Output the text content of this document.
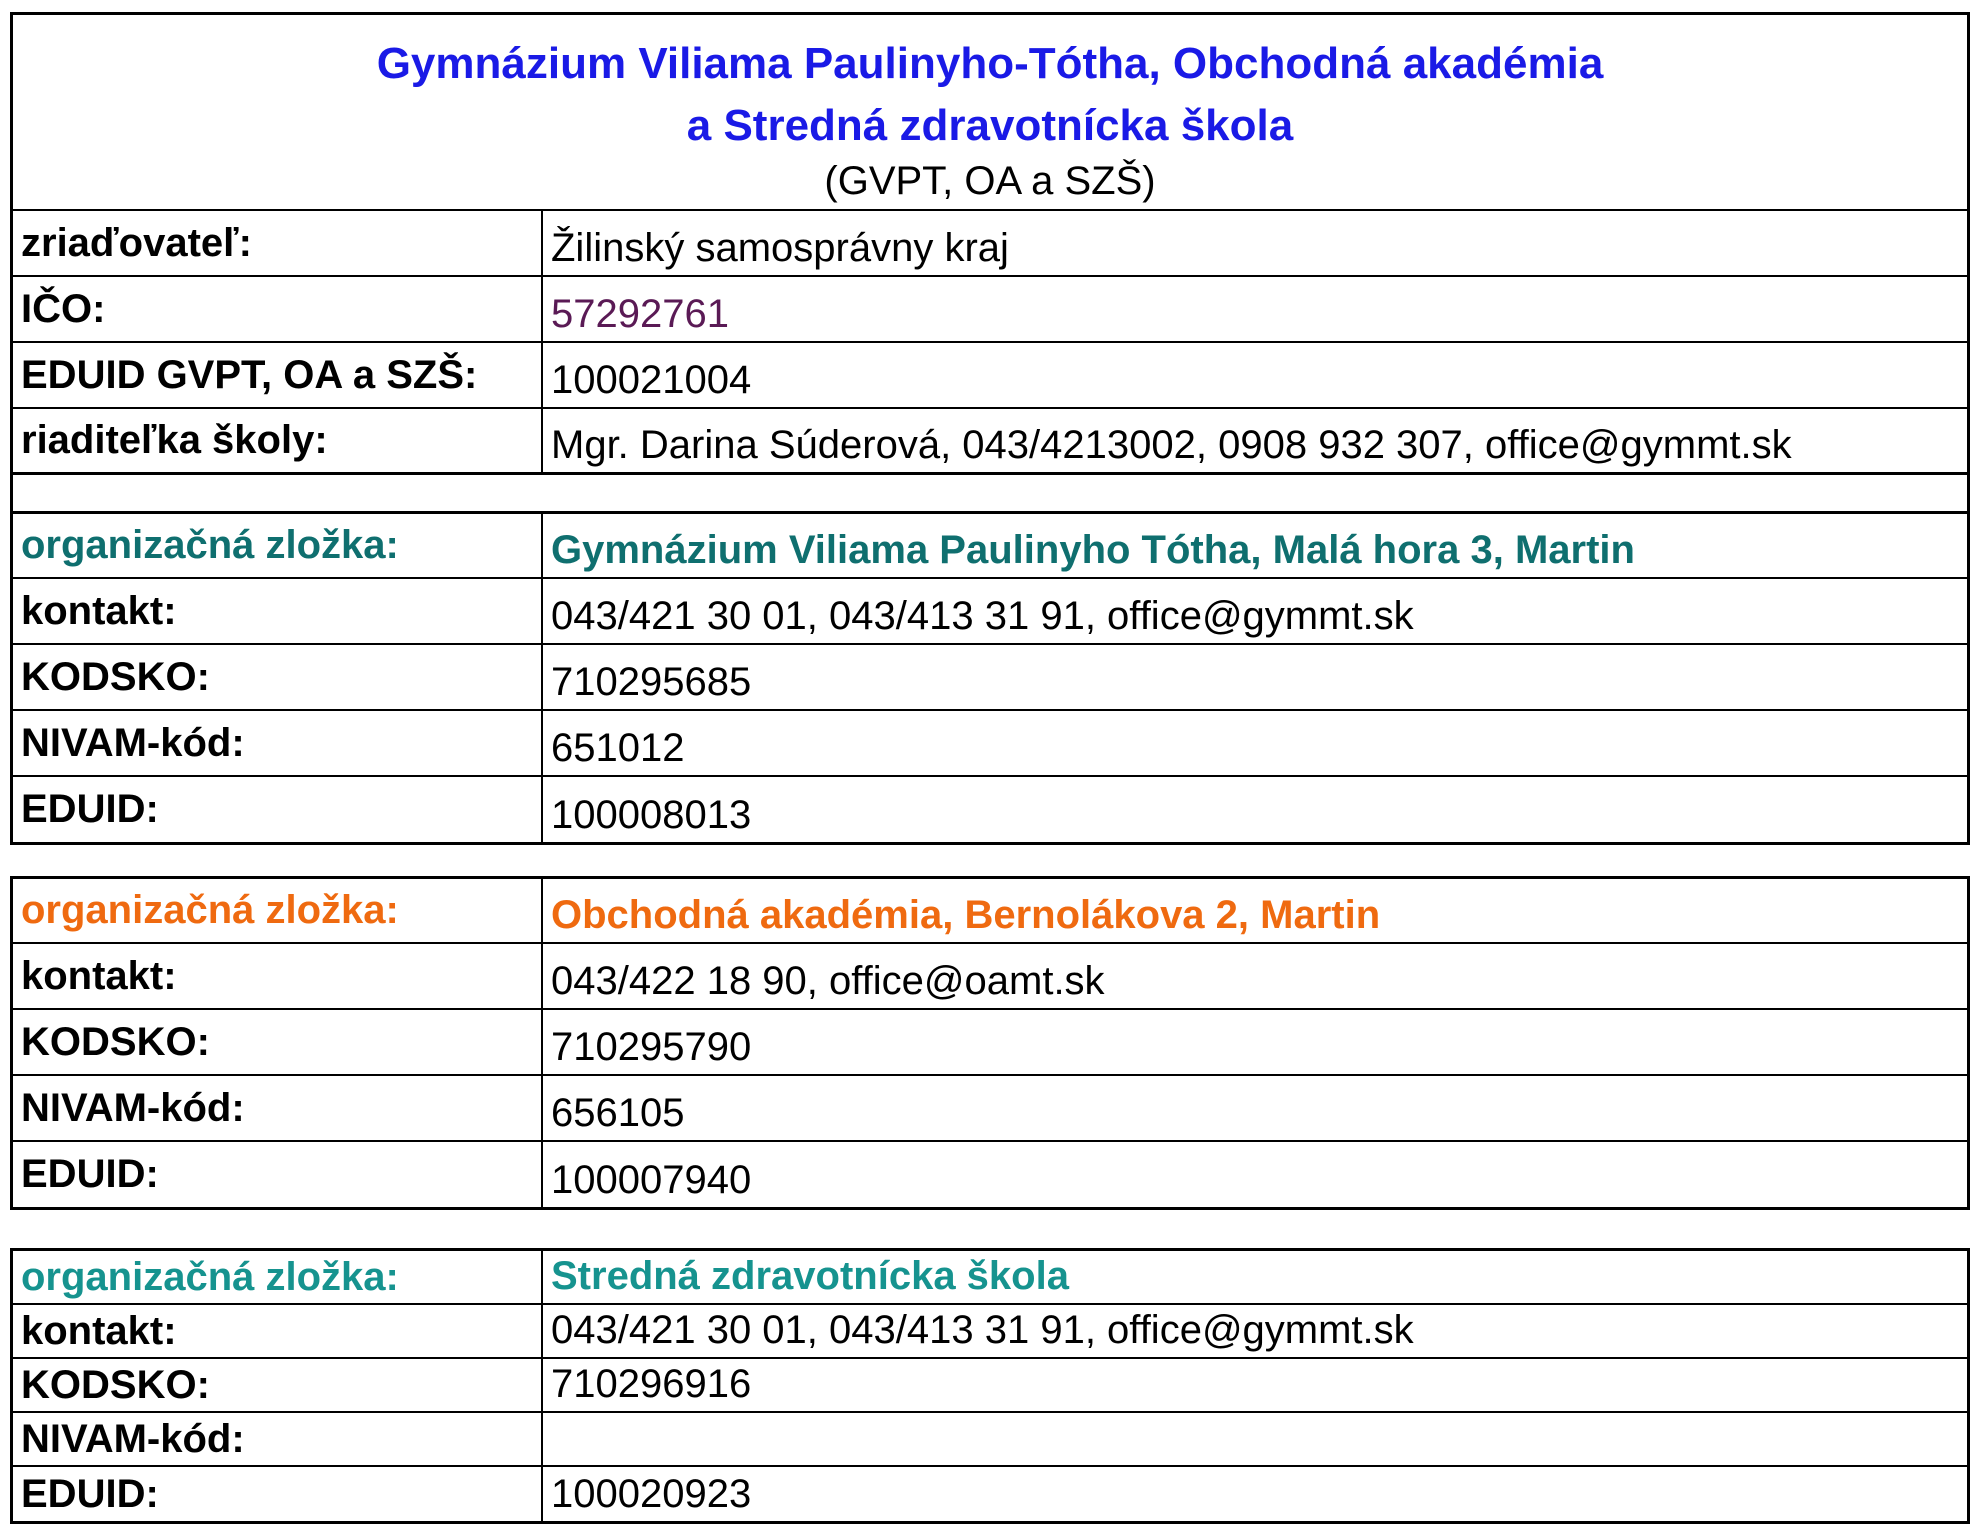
Gymnázium Viliama Paulinyho-Tótha, Obchodná akadémia
a Stredná zdravotnícka škola
(GVPT, OA a SZŠ)
zriaďovateľ:	Žilinský samosprávny kraj
IČO:	57292761
EDUID GVPT, OA a SZŠ:	100021004
riaditeľka školy:	Mgr. Darina Súderová, 043/4213002, 0908 932 307, office@gymmt.sk
organizačná zložka:	Gymnázium Viliama Paulinyho Tótha, Malá hora 3, Martin
kontakt:	043/421 30 01, 043/413 31 91, office@gymmt.sk
KODSKO:	710295685
NIVAM-kód:	651012
EDUID:	100008013
organizačná zložka:	Obchodná akadémia, Bernolákova 2, Martin
kontakt:	043/422 18 90, office@oamt.sk
KODSKO:	710295790
NIVAM-kód:	656105
EDUID:	100007940
organizačná zložka:	Stredná zdravotnícka škola
kontakt:	043/421 30 01, 043/413 31 91, office@gymmt.sk
KODSKO:	710296916
NIVAM-kód:
EDUID:	100020923
